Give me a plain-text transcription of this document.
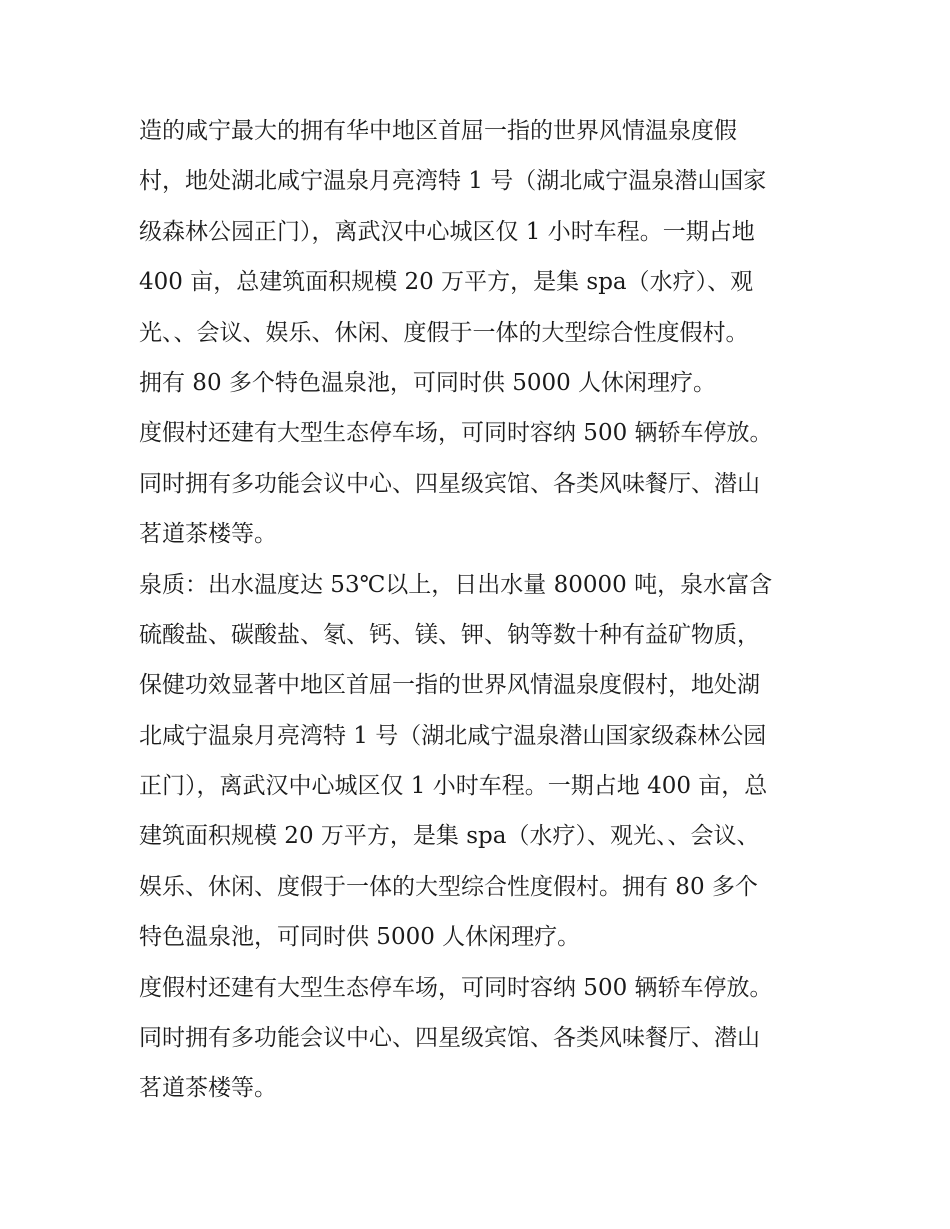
造的咸宁最大的拥有华中地区首屈一指的世界风情温泉度假
村，地处湖北咸宁温泉月亮湾特 1 号（湖北咸宁温泉潜山国家
级森林公园正门），离武汉中心城区仅 1 小时车程。一期占地
400 亩，总建筑面积规模 20 万平方，是集 spa（水疗）、观
光、、会议、娱乐、休闲、度假于一体的大型综合性度假村。
拥有 80 多个特色温泉池，可同时供 5000 人休闲理疗。
度假村还建有大型生态停车场，可同时容纳 500 辆轿车停放。
同时拥有多功能会议中心、四星级宾馆、各类风味餐厅、潜山
茗道茶楼等。
泉质：出水温度达 53℃以上，日出水量 80000 吨，泉水富含
硫酸盐、碳酸盐、氡、钙、镁、钾、钠等数十种有益矿物质，
保健功效显著中地区首屈一指的世界风情温泉度假村，地处湖
北咸宁温泉月亮湾特 1 号（湖北咸宁温泉潜山国家级森林公园
正门），离武汉中心城区仅 1 小时车程。一期占地 400 亩，总
建筑面积规模 20 万平方，是集 spa（水疗）、观光、、会议、
娱乐、休闲、度假于一体的大型综合性度假村。拥有 80 多个
特色温泉池，可同时供 5000 人休闲理疗。
度假村还建有大型生态停车场，可同时容纳 500 辆轿车停放。
同时拥有多功能会议中心、四星级宾馆、各类风味餐厅、潜山
茗道茶楼等。
